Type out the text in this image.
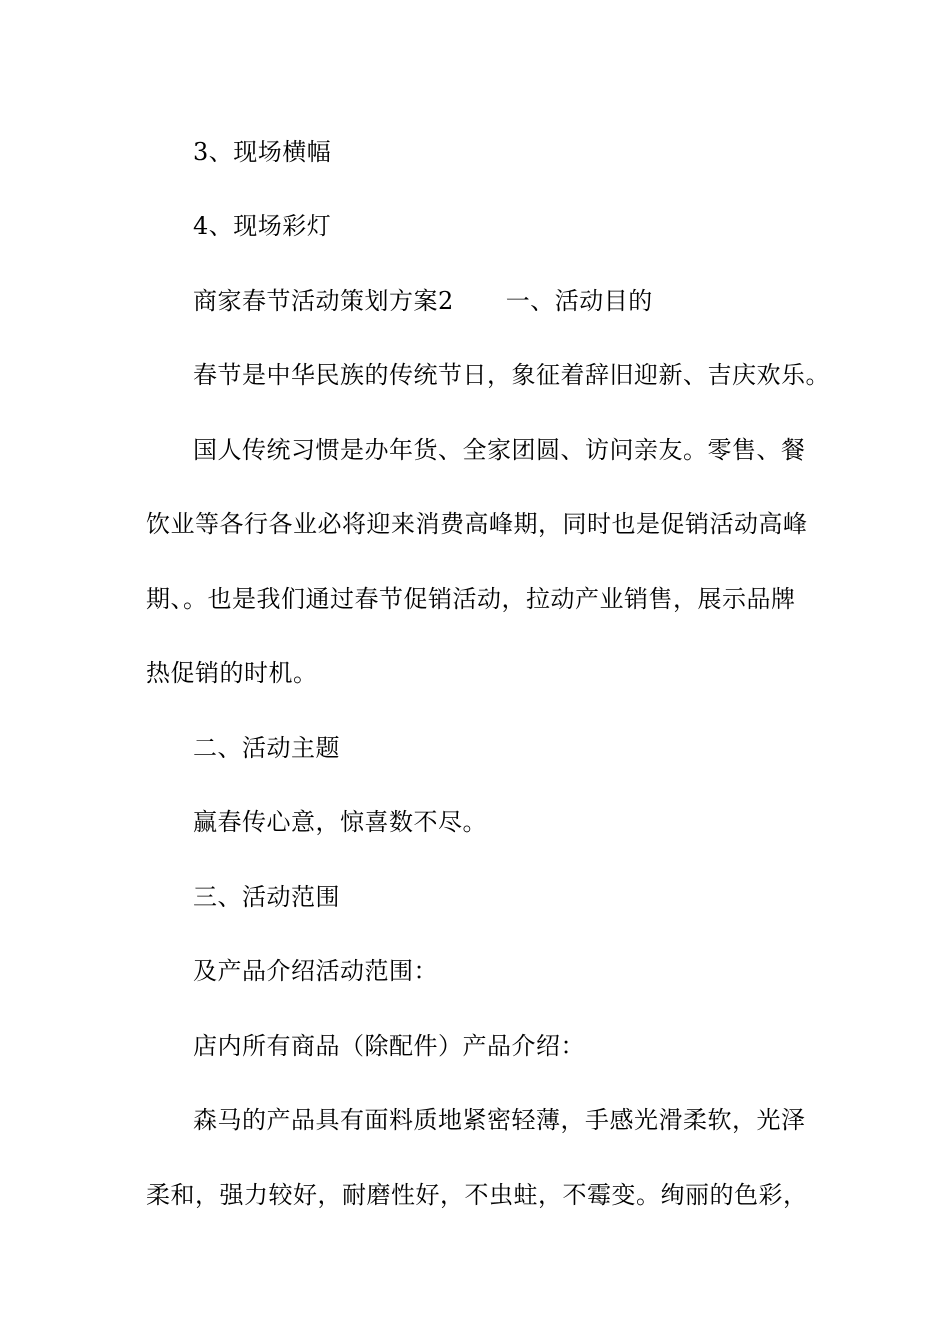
3、现场横幅
4、现场彩灯
商家春节活动策划方案2 一、活动目的
春节是中华民族的传统节日，象征着辞旧迎新、吉庆欢乐。
国人传统习惯是办年货、全家团圆、访问亲友。零售、餐
饮业等各行各业必将迎来消费高峰期，同时也是促销活动高峰
期、。也是我们通过春节促销活动，拉动产业销售，展示品牌
热促销的时机。
二、活动主题
赢春传心意，惊喜数不尽。
三、活动范围
及产品介绍活动范围：
店内所有商品（除配件）产品介绍：
森马的产品具有面料质地紧密轻薄，手感光滑柔软，光泽
柔和，强力较好，耐磨性好，不虫蛀，不霉变。绚丽的色彩，
